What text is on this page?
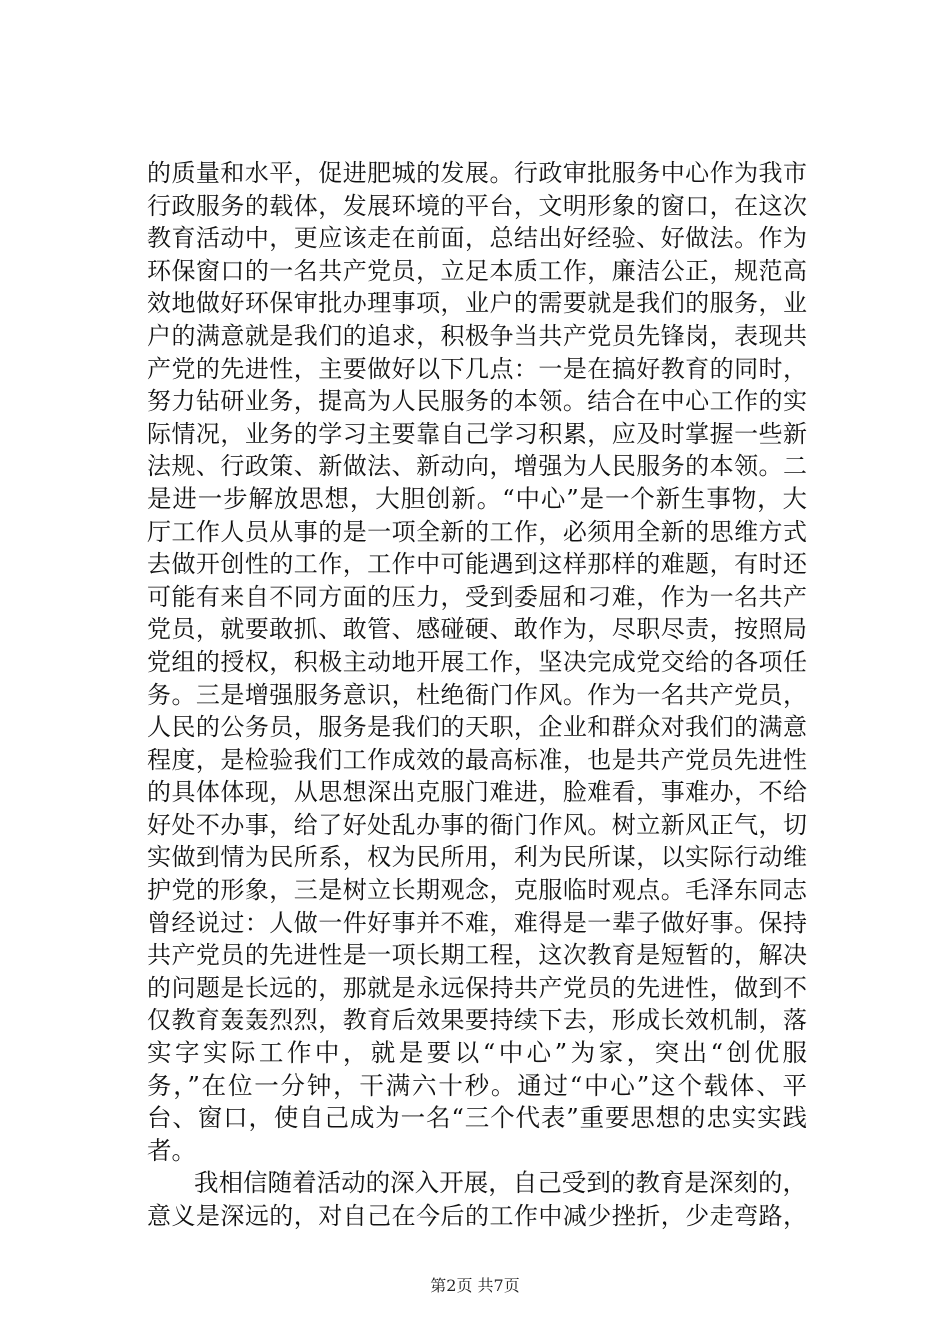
的质量和水平，促进肥城的发展。行政审批服务中心作为我市
行政服务的载体，发展环境的平台，文明形象的窗口，在这次
教育活动中，更应该走在前面，总结出好经验、好做法。作为
环保窗口的一名共产党员，立足本质工作，廉洁公正，规范高
效地做好环保审批办理事项，业户的需要就是我们的服务，业
户的满意就是我们的追求，积极争当共产党员先锋岗，表现共
产党的先进性，主要做好以下几点：一是在搞好教育的同时，
努力钻研业务，提高为人民服务的本领。结合在中心工作的实
际情况，业务的学习主要靠自己学习积累，应及时掌握一些新
法规、行政策、新做法、新动向，增强为人民服务的本领。二
是进一步解放思想，大胆创新。“中心”是一个新生事物，大
厅工作人员从事的是一项全新的工作，必须用全新的思维方式
去做开创性的工作，工作中可能遇到这样那样的难题，有时还
可能有来自不同方面的压力，受到委屈和刁难，作为一名共产
党员，就要敢抓、敢管、感碰硬、敢作为，尽职尽责，按照局
党组的授权，积极主动地开展工作，坚决完成党交给的各项任
务。三是增强服务意识，杜绝衙门作风。作为一名共产党员，
人民的公务员，服务是我们的天职，企业和群众对我们的满意
程度，是检验我们工作成效的最高标准，也是共产党员先进性
的具体体现，从思想深出克服门难进，脸难看，事难办，不给
好处不办事，给了好处乱办事的衙门作风。树立新风正气，切
实做到情为民所系，权为民所用，利为民所谋，以实际行动维
护党的形象，三是树立长期观念，克服临时观点。毛泽东同志
曾经说过：人做一件好事并不难，难得是一辈子做好事。保持
共产党员的先进性是一项长期工程，这次教育是短暂的，解决
的问题是长远的，那就是永远保持共产党员的先进性，做到不
仅教育轰轰烈烈，教育后效果要持续下去，形成长效机制，落
实字实际工作中，就是要以“中心”为家，突出“创优服
务，”在位一分钟，干满六十秒。通过“中心”这个载体、平
台、窗口，使自己成为一名“三个代表”重要思想的忠实实践
者。
我相信随着活动的深入开展，自己受到的教育是深刻的，
意义是深远的，对自己在今后的工作中减少挫折，少走弯路，
第2页 共7页
